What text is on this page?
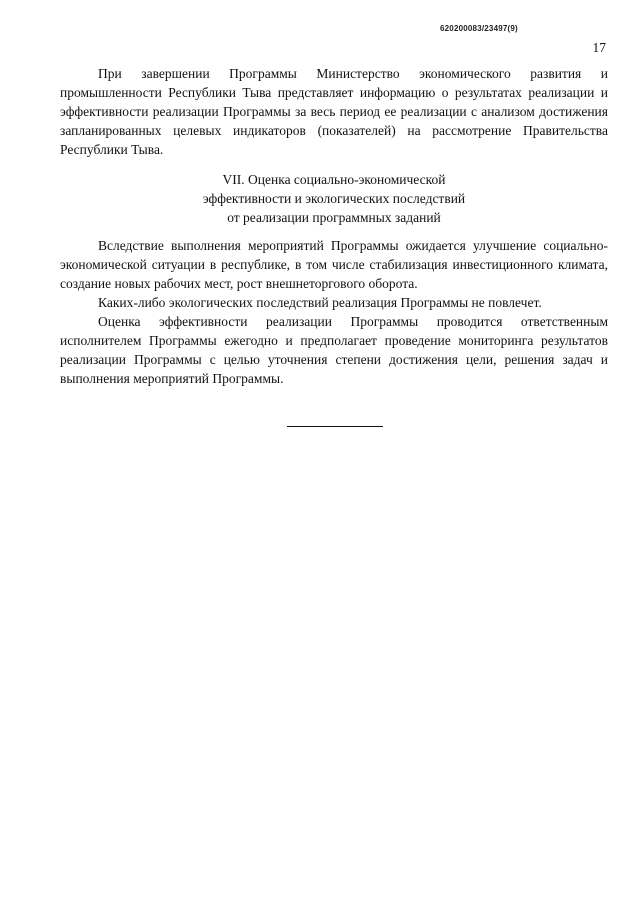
620200083/23497(9)
17

При завершении Программы Министерство экономического развития и промышленности Республики Тыва представляет информацию о результатах реализации и эффективности реализации Программы за весь период ее реализации с анализом достижения запланированных целевых индикаторов (показателей) на рассмотрение Правительства Республики Тыва.

VII. Оценка социально-экономической
эффективности и экологических последствий
от реализации программных заданий

Вследствие выполнения мероприятий Программы ожидается улучшение социально-экономической ситуации в республике, в том числе стабилизация инвестиционного климата, создание новых рабочих мест, рост внешнеторгового оборота.

Каких-либо экологических последствий реализация Программы не повлечет.

Оценка эффективности реализации Программы проводится ответственным исполнителем Программы ежегодно и предполагает проведение мониторинга результатов реализации Программы с целью уточнения степени достижения цели, решения задач и выполнения мероприятий Программы.
